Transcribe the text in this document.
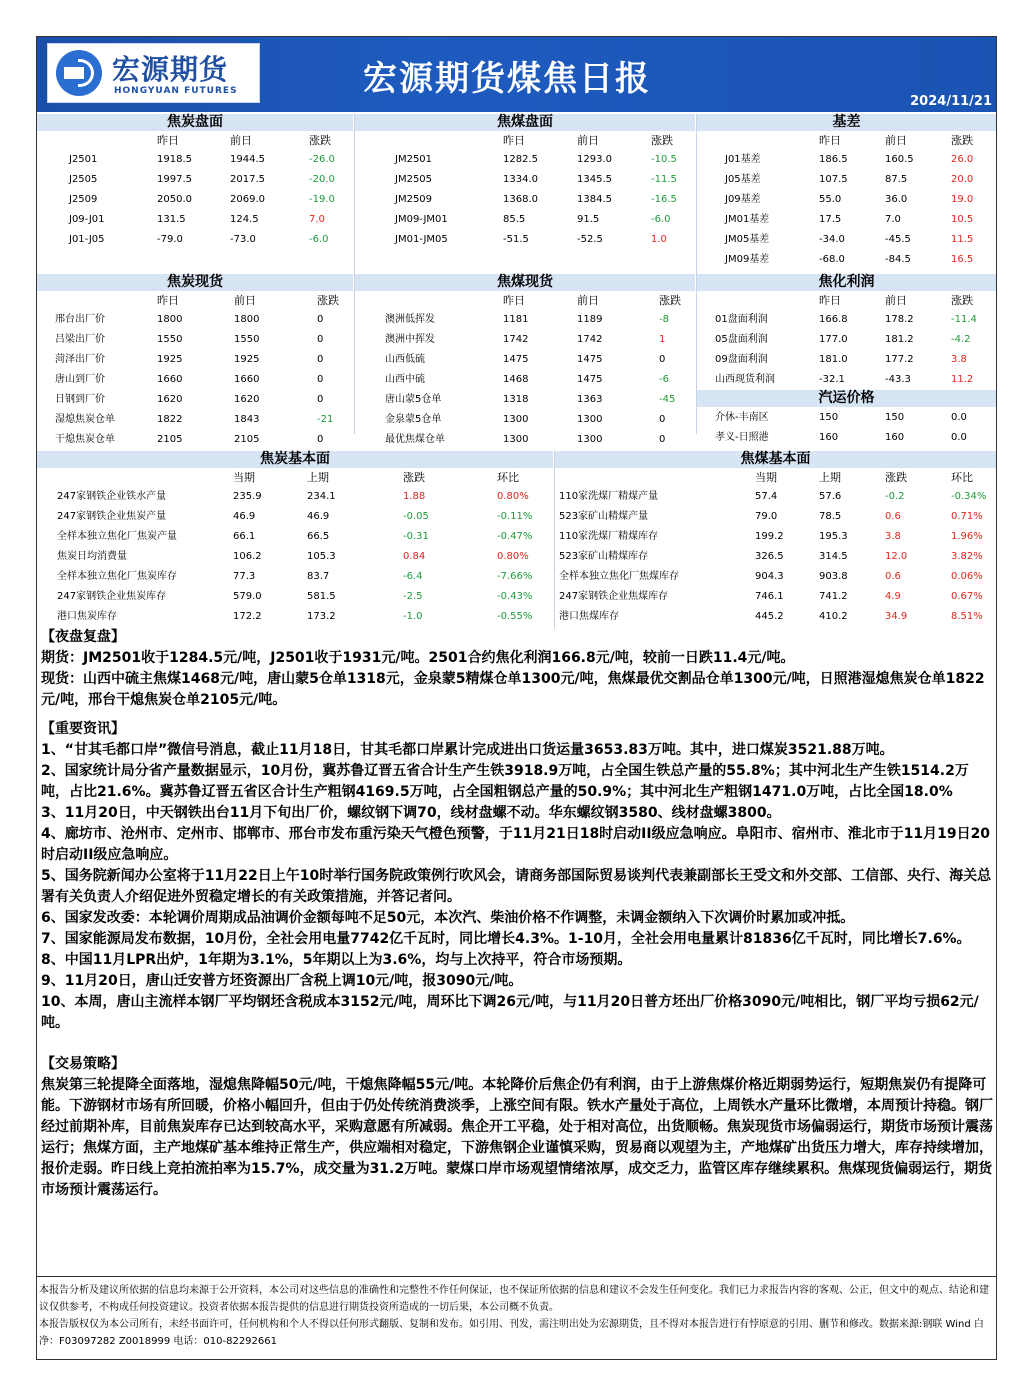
宏源期货
HONGYUAN FUTURES	宏源期货煤焦日报
2024/11/21
焦炭盘面
昨日	前日	涨跌
J2501	1918.5	1944.5	-26.0
J2505	1997.5	2017.5	-20.0
J2509	2050.0	2069.0	-19.0
J09-J01	131.5	124.5	7.0
J01-J05	-79.0	-73.0	-6.0
焦煤盘面
昨日	前日	涨跌
JM2501	1282.5	1293.0	-10.5
JM2505	1334.0	1345.5	-11.5
JM2509	1368.0	1384.5	-16.5
JM09-JM01	85.5	91.5	-6.0
JM01-JM05	-51.5	-52.5	1.0
基差
昨日	前日	涨跌
J01基差	186.5	160.5	26.0
J05基差	107.5	87.5	20.0
J09基差	55.0	36.0	19.0
JM01基差	17.5	7.0	10.5
JM05基差	-34.0	-45.5	11.5
JM09基差	-68.0	-84.5	16.5
焦炭现货
昨日	前日	涨跌
邢台出厂价	1800	1800	0
吕梁出厂价	1550	1550	0
菏泽出厂价	1925	1925	0
唐山到厂价	1660	1660	0
日钢到厂价	1620	1620	0
湿熄焦炭仓单	1822	1843	-21
干熄焦炭仓单	2105	2105	0
焦煤现货
昨日	前日	涨跌
澳洲低挥发	1181	1189	-8
澳洲中挥发	1742	1742	1
山西低硫	1475	1475	0
山西中硫	1468	1475	-6
唐山蒙5仓单	1318	1363	-45
金泉蒙5仓单	1300	1300	0
最优焦煤仓单	1300	1300	0
焦化利润
昨日	前日	涨跌
01盘面利润	166.8	178.2	-11.4
05盘面利润	177.0	181.2	-4.2
09盘面利润	181.0	177.2	3.8
山西现货利润	-32.1	-43.3	11.2
汽运价格
介休-丰南区	150	150	0.0
孝义-日照港	160	160	0.0
焦炭基本面
当期	上期	涨跌	环比
247家钢铁企业铁水产量	235.9	234.1	1.88	0.80%
247家钢铁企业焦炭产量	46.9	46.9	-0.05	-0.11%
全样本独立焦化厂焦炭产量	66.1	66.5	-0.31	-0.47%
焦炭日均消费量	106.2	105.3	0.84	0.80%
全样本独立焦化厂焦炭库存	77.3	83.7	-6.4	-7.66%
247家钢铁企业焦炭库存	579.0	581.5	-2.5	-0.43%
港口焦炭库存	172.2	173.2	-1.0	-0.55%
焦煤基本面
当期	上期	涨跌	环比
110家洗煤厂精煤产量	57.4	57.6	-0.2	-0.34%
523家矿山精煤产量	79.0	78.5	0.6	0.71%
110家洗煤厂精煤库存	199.2	195.3	3.8	1.96%
523家矿山精煤库存	326.5	314.5	12.0	3.82%
全样本独立焦化厂焦煤库存	904.3	903.8	0.6	0.06%
247家钢铁企业焦煤库存	746.1	741.2	4.9	0.67%
港口焦煤库存	445.2	410.2	34.9	8.51%

【夜盘复盘】

期货：JM2501收于1284.5元/吨，J2501收于1931元/吨。2501合约焦化利润166.8元/吨，较前一日跌11.4元/吨。

现货：山西中硫主焦煤1468元/吨，唐山蒙5仓单1318元，金泉蒙5精煤仓单1300元/吨，焦煤最优交割品仓单1300元/吨，日照港湿熄焦炭仓单1822元/吨，邢台干熄焦炭仓单2105元/吨。

【重要资讯】

1、“甘其毛都口岸”微信号消息，截止11月18日，甘其毛都口岸累计完成进出口货运量3653.83万吨。其中，进口煤炭3521.88万吨。

2、国家统计局分省产量数据显示，10月份，冀苏鲁辽晋五省合计生产生铁3918.9万吨，占全国生铁总产量的55.8%；其中河北生产生铁1514.2万吨，占比21.6%。冀苏鲁辽晋五省区合计生产粗钢4169.5万吨，占全国粗钢总产量的50.9%；其中河北生产粗钢1471.0万吨，占比全国18.0%

3、11月20日，中天钢铁出台11月下旬出厂价，螺纹钢下调70，线材盘螺不动。华东螺纹钢3580、线材盘螺3800。

4、廊坊市、沧州市、定州市、邯郸市、邢台市发布重污染天气橙色预警，于11月21日18时启动II级应急响应。阜阳市、宿州市、淮北市于11月19日20时启动II级应急响应。

5、国务院新闻办公室将于11月22日上午10时举行国务院政策例行吹风会，请商务部国际贸易谈判代表兼副部长王受文和外交部、工信部、央行、海关总署有关负责人介绍促进外贸稳定增长的有关政策措施，并答记者问。

6、国家发改委：本轮调价周期成品油调价金额每吨不足50元，本次汽、柴油价格不作调整，未调金额纳入下次调价时累加或冲抵。

7、国家能源局发布数据，10月份，全社会用电量7742亿千瓦时，同比增长4.3%。1-10月，全社会用电量累计81836亿千瓦时，同比增长7.6%。

8、中国11月LPR出炉，1年期为3.1%，5年期以上为3.6%，均与上次持平，符合市场预期。

9、11月20日，唐山迁安普方坯资源出厂含税上调10元/吨，报3090元/吨。

10、本周，唐山主流样本钢厂平均钢坯含税成本3152元/吨，周环比下调26元/吨，与11月20日普方坯出厂价格3090元/吨相比，钢厂平均亏损62元/吨。

【交易策略】

焦炭第三轮提降全面落地，湿熄焦降幅50元/吨，干熄焦降幅55元/吨。本轮降价后焦企仍有利润，由于上游焦煤价格近期弱势运行，短期焦炭仍有提降可能。下游钢材市场有所回暖，价格小幅回升，但由于仍处传统消费淡季，上涨空间有限。铁水产量处于高位，上周铁水产量环比微增，本周预计持稳。钢厂经过前期补库，目前焦炭库存已达到较高水平，采购意愿有所减弱。焦企开工平稳，处于相对高位，出货顺畅。焦炭现货市场偏弱运行，期货市场预计震荡运行；焦煤方面，主产地煤矿基本维持正常生产，供应端相对稳定，下游焦钢企业谨慎采购，贸易商以观望为主，产地煤矿出货压力增大，库存持续增加，报价走弱。昨日线上竞拍流拍率为15.7%，成交量为31.2万吨。蒙煤口岸市场观望情绪浓厚，成交乏力，监管区库存继续累积。焦煤现货偏弱运行，期货市场预计震荡运行。

本报告分析及建议所依据的信息均来源于公开资料，本公司对这些信息的准确性和完整性不作任何保证，也不保证所依据的信息和建议不会发生任何变化。我们已力求报告内容的客观、公正，但文中的观点、结论和建议仅供参考，不构成任何投资建议。投资者依据本报告提供的信息进行期货投资所造成的一切后果，本公司概不负责。
本报告版权仅为本公司所有，未经书面许可，任何机构和个人不得以任何形式翻版、复制和发布。如引用、刊发，需注明出处为宏源期货，且不得对本报告进行有悖原意的引用、删节和修改。数据来源:钢联 Wind 白净：F03097282 Z0018999 电话：010-82292661
